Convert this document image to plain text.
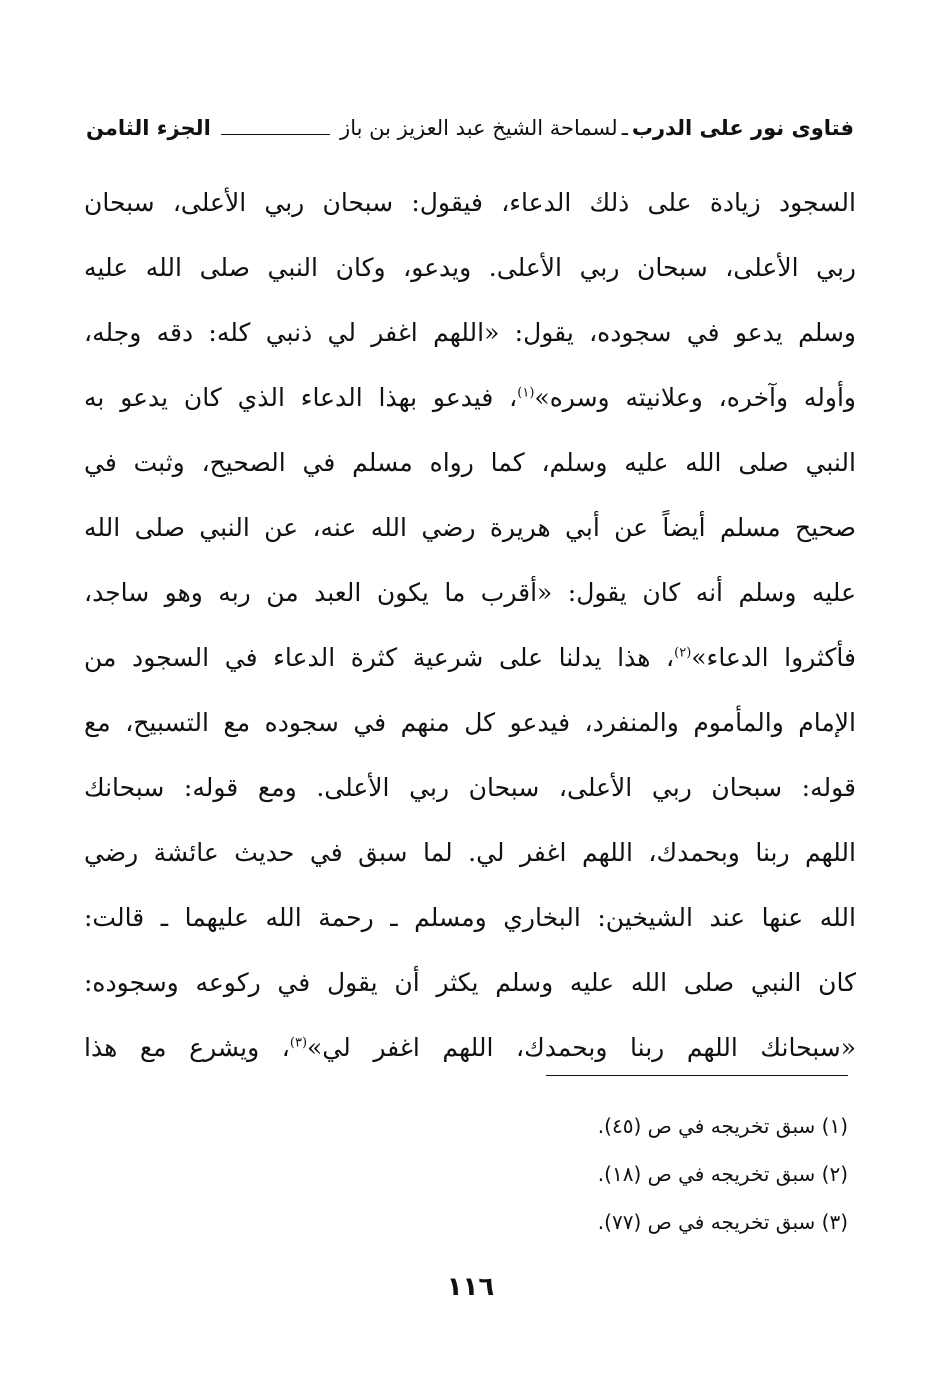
فتاوى نور على الدرب
ـ
لسماحة الشيخ عبد العزيز بن باز
الجزء الثامن
السجود زيادة على ذلك الدعاء، فيقول: سبحان ربي الأعلى، سبحان
ربي الأعلى، سبحان ربي الأعلى. ويدعو، وكان النبي صلى الله عليه
وسلم يدعو في سجوده، يقول: «اللهم اغفر لي ذنبي كله: دقه وجله،
وأوله وآخره، وعلانيته وسره»$^{(١)}$، فيدعو بهذا الدعاء الذي كان يدعو به
النبي صلى الله عليه وسلم، كما رواه مسلم في الصحيح، وثبت في
صحيح مسلم أيضاً عن أبي هريرة رضي الله عنه، عن النبي صلى الله
عليه وسلم أنه كان يقول: «أقرب ما يكون العبد من ربه وهو ساجد،
فأكثروا الدعاء»$^{(٢)}$، هذا يدلنا على شرعية كثرة الدعاء في السجود من
الإمام والمأموم والمنفرد، فيدعو كل منهم في سجوده مع التسبيح، مع
قوله: سبحان ربي الأعلى، سبحان ربي الأعلى. ومع قوله: سبحانك
اللهم ربنا وبحمدك، اللهم اغفر لي. لما سبق في حديث عائشة رضي
الله عنها عند الشيخين: البخاري ومسلم ـ رحمة الله عليهما ـ قالت:
كان النبي صلى الله عليه وسلم يكثر أن يقول في ركوعه وسجوده:
«سبحانك اللهم ربنا وبحمدك، اللهم اغفر لي»$^{(٣)}$، ويشرع مع هذا
(١) سبق تخريجه في ص (٤٥).
(٢) سبق تخريجه في ص (١٨).
(٣) سبق تخريجه في ص (٧٧).
١١٦
